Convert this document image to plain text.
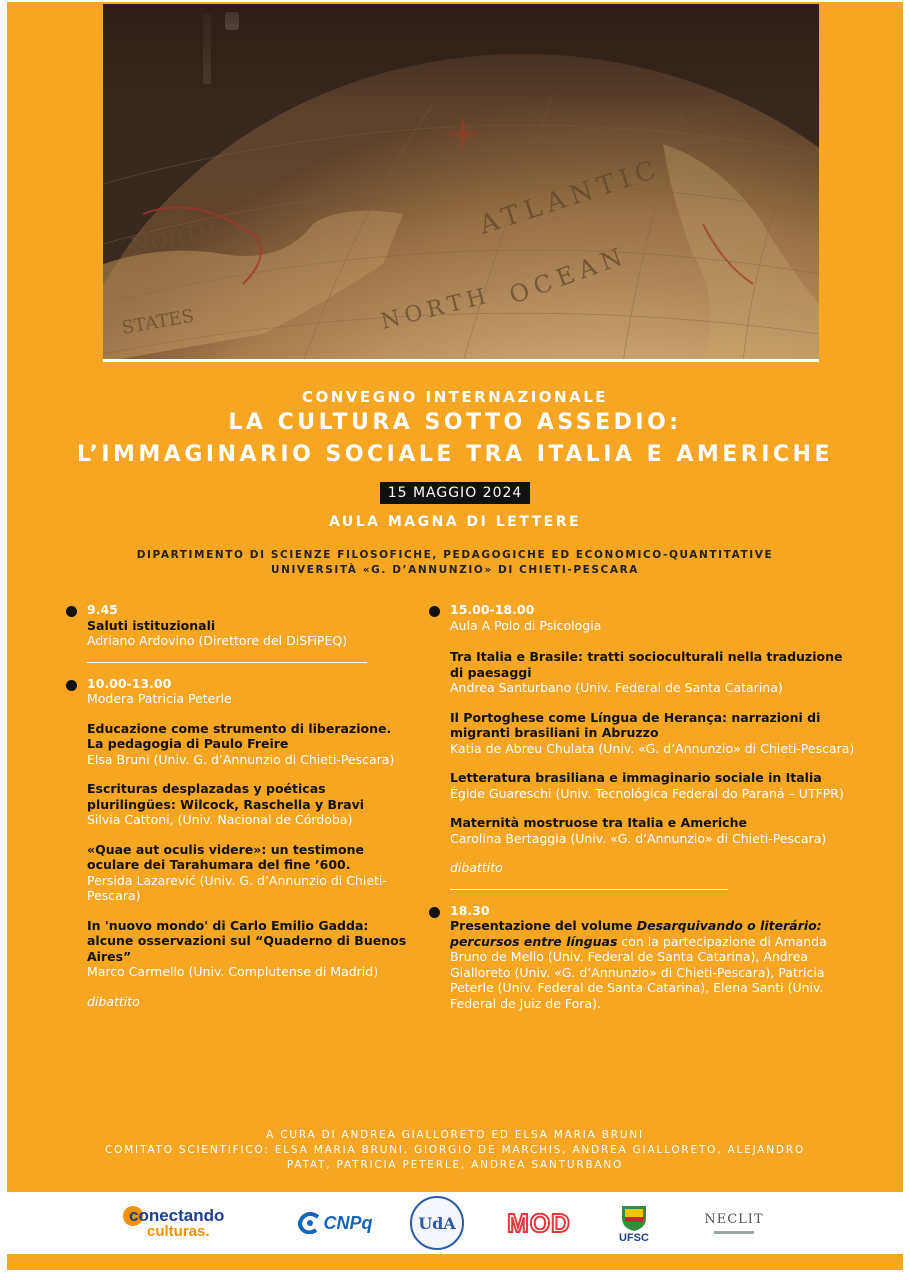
CONVEGNO INTERNAZIONALE
LA CULTURA SOTTO ASSEDIO:
L’IMMAGINARIO SOCIALE TRA ITALIA E AMERICHE
15 MAGGIO 2024
AULA MAGNA DI LETTERE
DIPARTIMENTO DI SCIENZE FILOSOFICHE, PEDAGOGICHE ED ECONOMICO-QUANTITATIVE
UNIVERSITÀ «G. D’ANNUNZIO» DI CHIETI-PESCARA
9.45
Saluti istituzionali
Adriano Ardovino (Direttore del DiSFiPEQ)
10.00-13.00
Modera Patricia Peterle
Educazione come strumento di liberazione. La pedagogia di Paulo Freire
Elsa Bruni (Univ. G. d’Annunzio di Chieti-Pescara)
Escrituras desplazadas y poéticas plurilingües: Wilcock, Raschella y Bravi
Silvia Cattoni, (Univ. Nacional de Córdoba)
«Quae aut oculis videre»: un testimone oculare dei Tarahumara del fine ’600.
Persida Lazarević (Univ. G. d’Annunzio di Chieti-Pescara)
In 'nuovo mondo' di Carlo Emilio Gadda: alcune osservazioni sul “Quaderno di Buenos Aires”
Marco Carmello (Univ. Complutense di Madrid)
dibattito
15.00-18.00
Aula A Polo di Psicologia
Tra Italia e Brasile: tratti socioculturali nella traduzione di paesaggi
Andrea Santurbano (Univ. Federal de Santa Catarina)
Il Portoghese come Língua de Herança: narrazioni di migranti brasiliani in Abruzzo
Katia de Abreu Chulata (Univ. «G. d’Annunzio» di Chieti-Pescara)
Letteratura brasiliana e immaginario sociale in Italia
Égide Guareschi (Univ. Tecnológica Federal do Paraná – UTFPR)
Maternità mostruose tra Italia e Americhe
Carolina Bertaggia (Univ. «G. d’Annunzio» di Chieti-Pescara)
dibattito
18.30
Presentazione del volume Desarquivando o literário: percursos entre línguas con la partecipazione di Amanda Bruno de Mello (Univ. Federal de Santa Catarina), Andrea Gialloreto (Univ. «G. d’Annunzio» di Chieti-Pescara), Patricia Peterle (Univ. Federal de Santa Catarina), Elena Santi (Univ. Federal de Juiz de Fora).
A CURA DI ANDREA GIALLORETO ED ELSA MARIA BRUNI
COMITATO SCIENTIFICO: ELSA MARIA BRUNI, GIORGIO DE MARCHIS, ANDREA GIALLORETO, ALEJANDRO
PATAT, PATRICIA PETERLE, ANDREA SANTURBANO
conectando
culturas.	CNPq	UdA MOD
UFSC
NECLIT
